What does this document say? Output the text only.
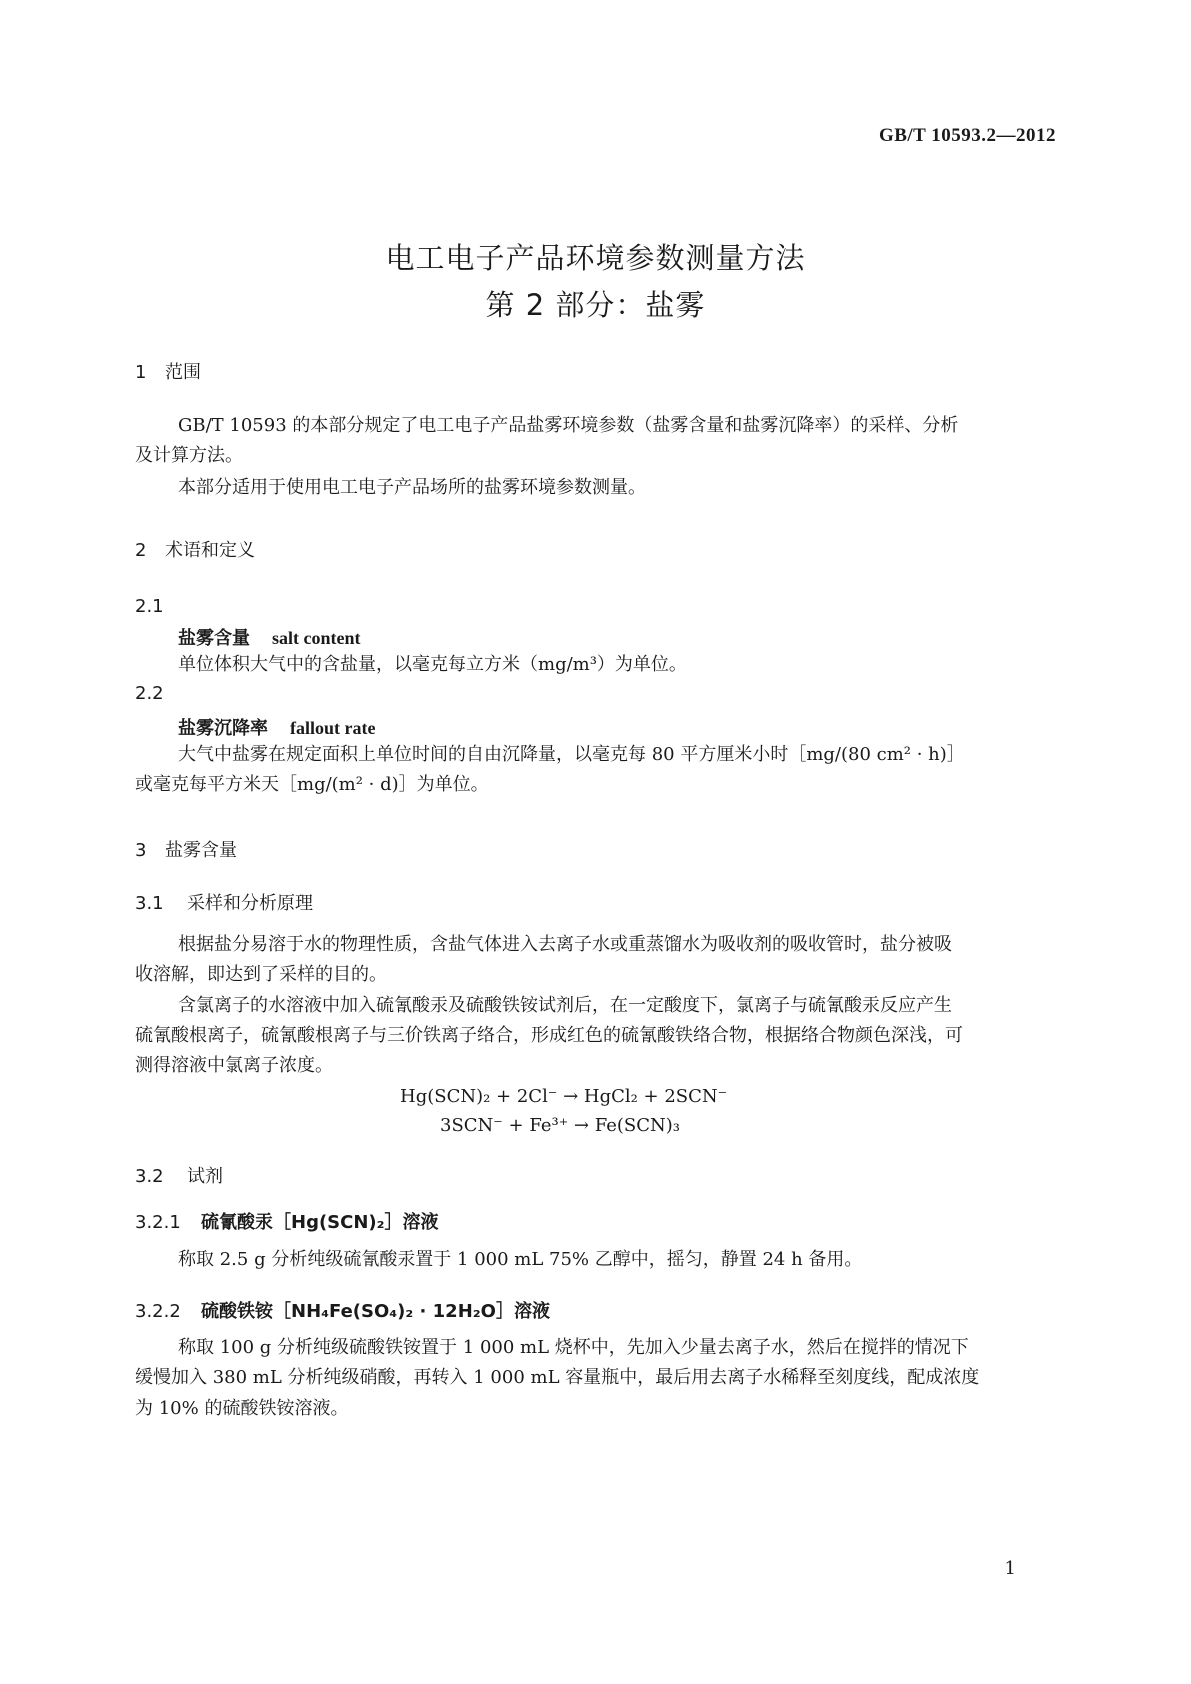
GB/T 10593.2—2012
电工电子产品环境参数测量方法
第 2 部分：盐雾
1 范围
GB/T 10593 的本部分规定了电工电子产品盐雾环境参数（盐雾含量和盐雾沉降率）的采样、分析
及计算方法。
本部分适用于使用电工电子产品场所的盐雾环境参数测量。
2 术语和定义
2.1
盐雾含量 salt content
单位体积大气中的含盐量，以毫克每立方米（mg/m³）为单位。
2.2
盐雾沉降率 fallout rate
大气中盐雾在规定面积上单位时间的自由沉降量，以毫克每 80 平方厘米小时［mg/(80 cm² · h)］
或毫克每平方米天［mg/(m² · d)］为单位。
3 盐雾含量
3.1 采样和分析原理
根据盐分易溶于水的物理性质，含盐气体进入去离子水或重蒸馏水为吸收剂的吸收管时，盐分被吸
收溶解，即达到了采样的目的。
含氯离子的水溶液中加入硫氰酸汞及硫酸铁铵试剂后，在一定酸度下，氯离子与硫氰酸汞反应产生
硫氰酸根离子，硫氰酸根离子与三价铁离子络合，形成红色的硫氰酸铁络合物，根据络合物颜色深浅，可
测得溶液中氯离子浓度。
Hg(SCN)₂ + 2Cl⁻ → HgCl₂ + 2SCN⁻
3SCN⁻ + Fe³⁺ → Fe(SCN)₃
3.2 试剂
3.2.1 硫氰酸汞［Hg(SCN)₂］溶液
称取 2.5 g 分析纯级硫氰酸汞置于 1 000 mL 75% 乙醇中，摇匀，静置 24 h 备用。
3.2.2 硫酸铁铵［NH₄Fe(SO₄)₂ · 12H₂O］溶液
称取 100 g 分析纯级硫酸铁铵置于 1 000 mL 烧杯中，先加入少量去离子水，然后在搅拌的情况下
缓慢加入 380 mL 分析纯级硝酸，再转入 1 000 mL 容量瓶中，最后用去离子水稀释至刻度线，配成浓度
为 10% 的硫酸铁铵溶液。
1
